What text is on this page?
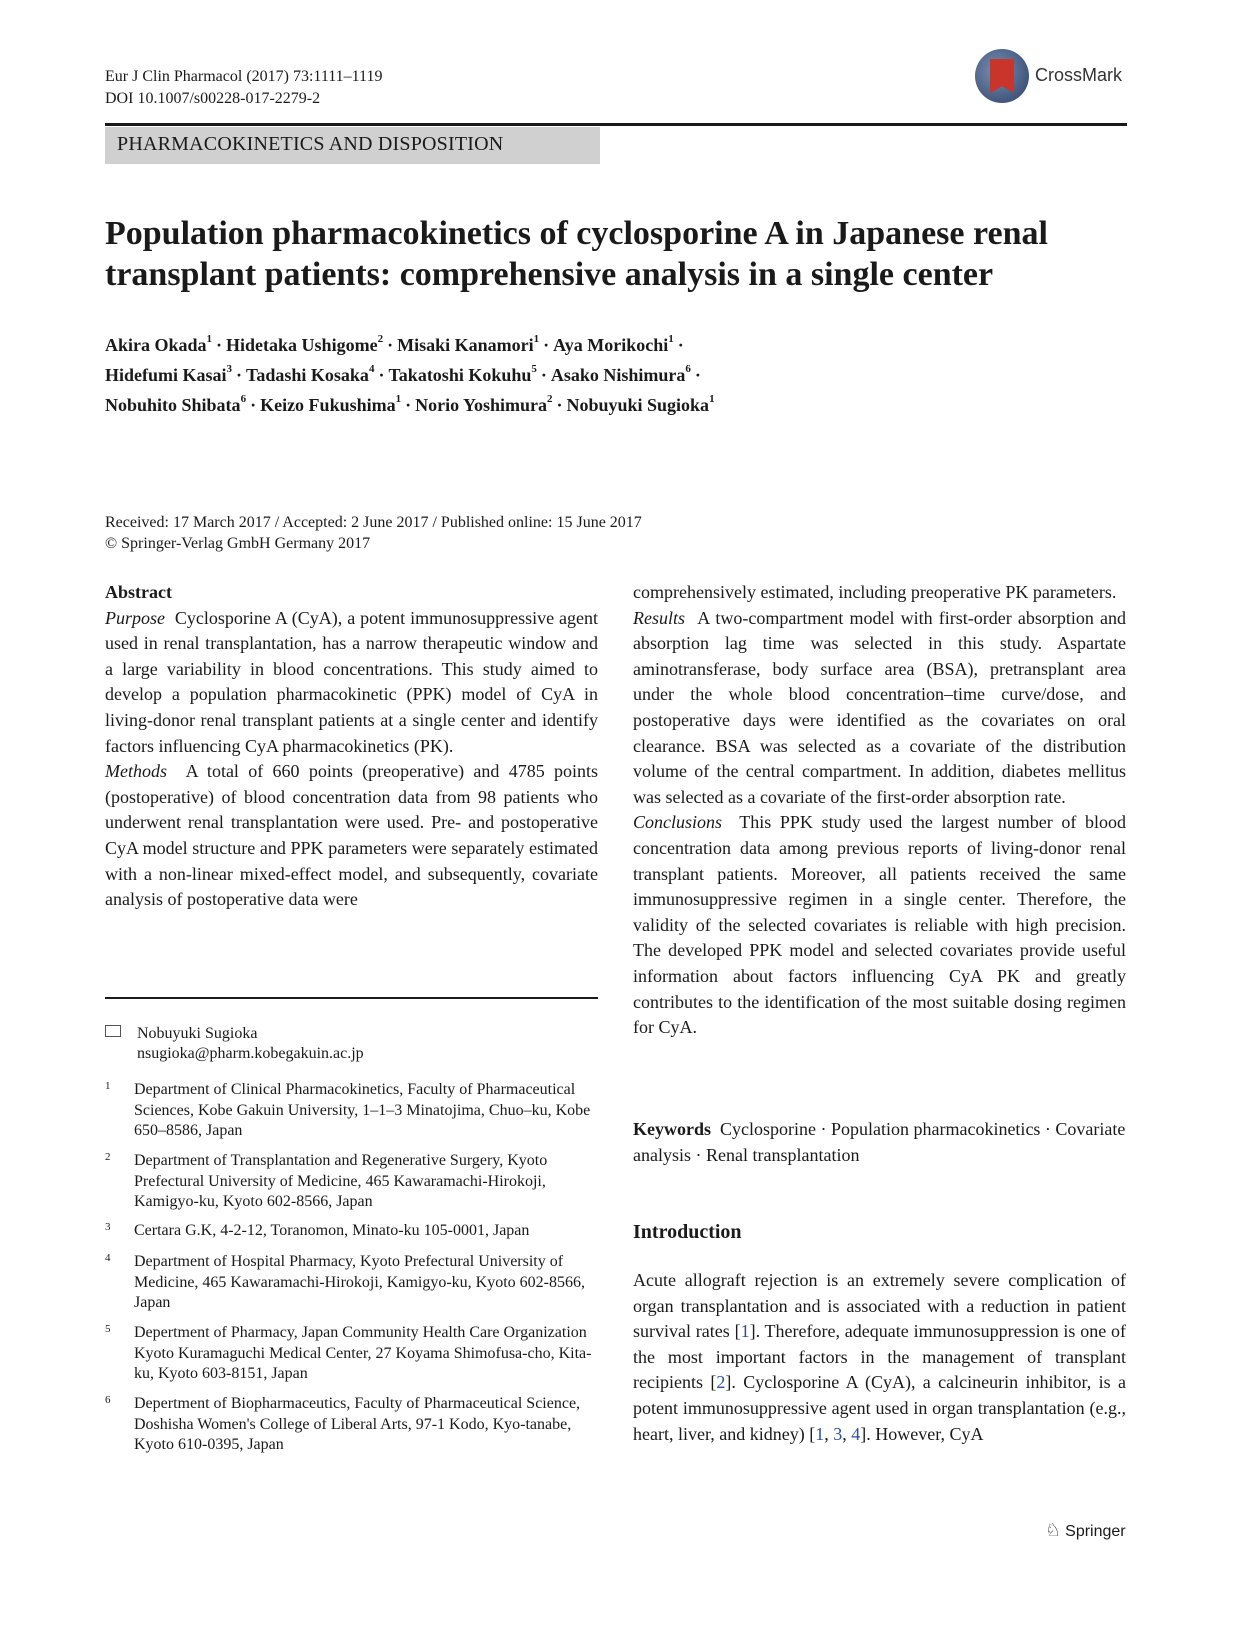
Eur J Clin Pharmacol (2017) 73:1111–1119
DOI 10.1007/s00228-017-2279-2
CrossMark
PHARMACOKINETICS AND DISPOSITION
Population pharmacokinetics of cyclosporine A in Japanese renal
transplant patients: comprehensive analysis in a single center
Akira Okada$^1$ · Hidetaka Ushigome$^2$ · Misaki Kanamori$^1$ · Aya Morikochi$^1$ ·
Hidefumi Kasai$^3$ · Tadashi Kosaka$^4$ · Takatoshi Kokuhu$^5$ · Asako Nishimura$^6$ ·
Nobuhito Shibata$^6$ · Keizo Fukushima$^1$ · Norio Yoshimura$^2$ · Nobuyuki Sugioka$^1$
Received: 17 March 2017 / Accepted: 2 June 2017 / Published online: 15 June 2017
© Springer-Verlag GmbH Germany 2017
Abstract

Purpose Cyclosporine A (CyA), a potent immunosuppressive agent used in renal transplantation, has a narrow therapeutic window and a large variability in blood concentrations. This study aimed to develop a population pharmacokinetic (PPK) model of CyA in living-donor renal transplant patients at a single center and identify factors influencing CyA pharmacokinetics (PK).

Methods A total of 660 points (preoperative) and 4785 points (postoperative) of blood concentration data from 98 patients who underwent renal transplantation were used. Pre- and postoperative CyA model structure and PPK parameters were separately estimated with a non-linear mixed-effect model, and subsequently, covariate analysis of postoperative data were

Nobuyuki Sugioka
nsugioka@pharm.kobegakuin.ac.jp
1 Department of Clinical Pharmacokinetics, Faculty of Pharmaceutical Sciences, Kobe Gakuin University, 1–1–3 Minatojima, Chuo–ku, Kobe 650–8586, Japan
2 Department of Transplantation and Regenerative Surgery, Kyoto Prefectural University of Medicine, 465 Kawaramachi-Hirokoji, Kamigyo-ku, Kyoto 602-8566, Japan
3 Certara G.K, 4-2-12, Toranomon, Minato-ku 105-0001, Japan
4 Department of Hospital Pharmacy, Kyoto Prefectural University of Medicine, 465 Kawaramachi-Hirokoji, Kamigyo-ku, Kyoto 602-8566, Japan
5 Depertment of Pharmacy, Japan Community Health Care Organization Kyoto Kuramaguchi Medical Center, 27 Koyama Shimofusa-cho, Kita-ku, Kyoto 603-8151, Japan
6 Depertment of Biopharmaceutics, Faculty of Pharmaceutical Science, Doshisha Women's College of Liberal Arts, 97-1 Kodo, Kyo-tanabe, Kyoto 610-0395, Japan

comprehensively estimated, including preoperative PK parameters.

Results A two-compartment model with first-order absorption and absorption lag time was selected in this study. Aspartate aminotransferase, body surface area (BSA), pretransplant area under the whole blood concentration–time curve/dose, and postoperative days were identified as the covariates on oral clearance. BSA was selected as a covariate of the distribution volume of the central compartment. In addition, diabetes mellitus was selected as a covariate of the first-order absorption rate.

Conclusions This PPK study used the largest number of blood concentration data among previous reports of living-donor renal transplant patients. Moreover, all patients received the same immunosuppressive regimen in a single center. Therefore, the validity of the selected covariates is reliable with high precision. The developed PPK model and selected covariates provide useful information about factors influencing CyA PK and greatly contributes to the identification of the most suitable dosing regimen for CyA.

Keywords Cyclosporine · Population pharmacokinetics · Covariate analysis · Renal transplantation
Introduction
Acute allograft rejection is an extremely severe complication of organ transplantation and is associated with a reduction in patient survival rates [1]. Therefore, adequate immunosuppression is one of the most important factors in the management of transplant recipients [2]. Cyclosporine A (CyA), a calcineurin inhibitor, is a potent immunosuppressive agent used in organ transplantation (e.g., heart, liver, and kidney) [1, 3, 4]. However, CyA
♘ Springer
